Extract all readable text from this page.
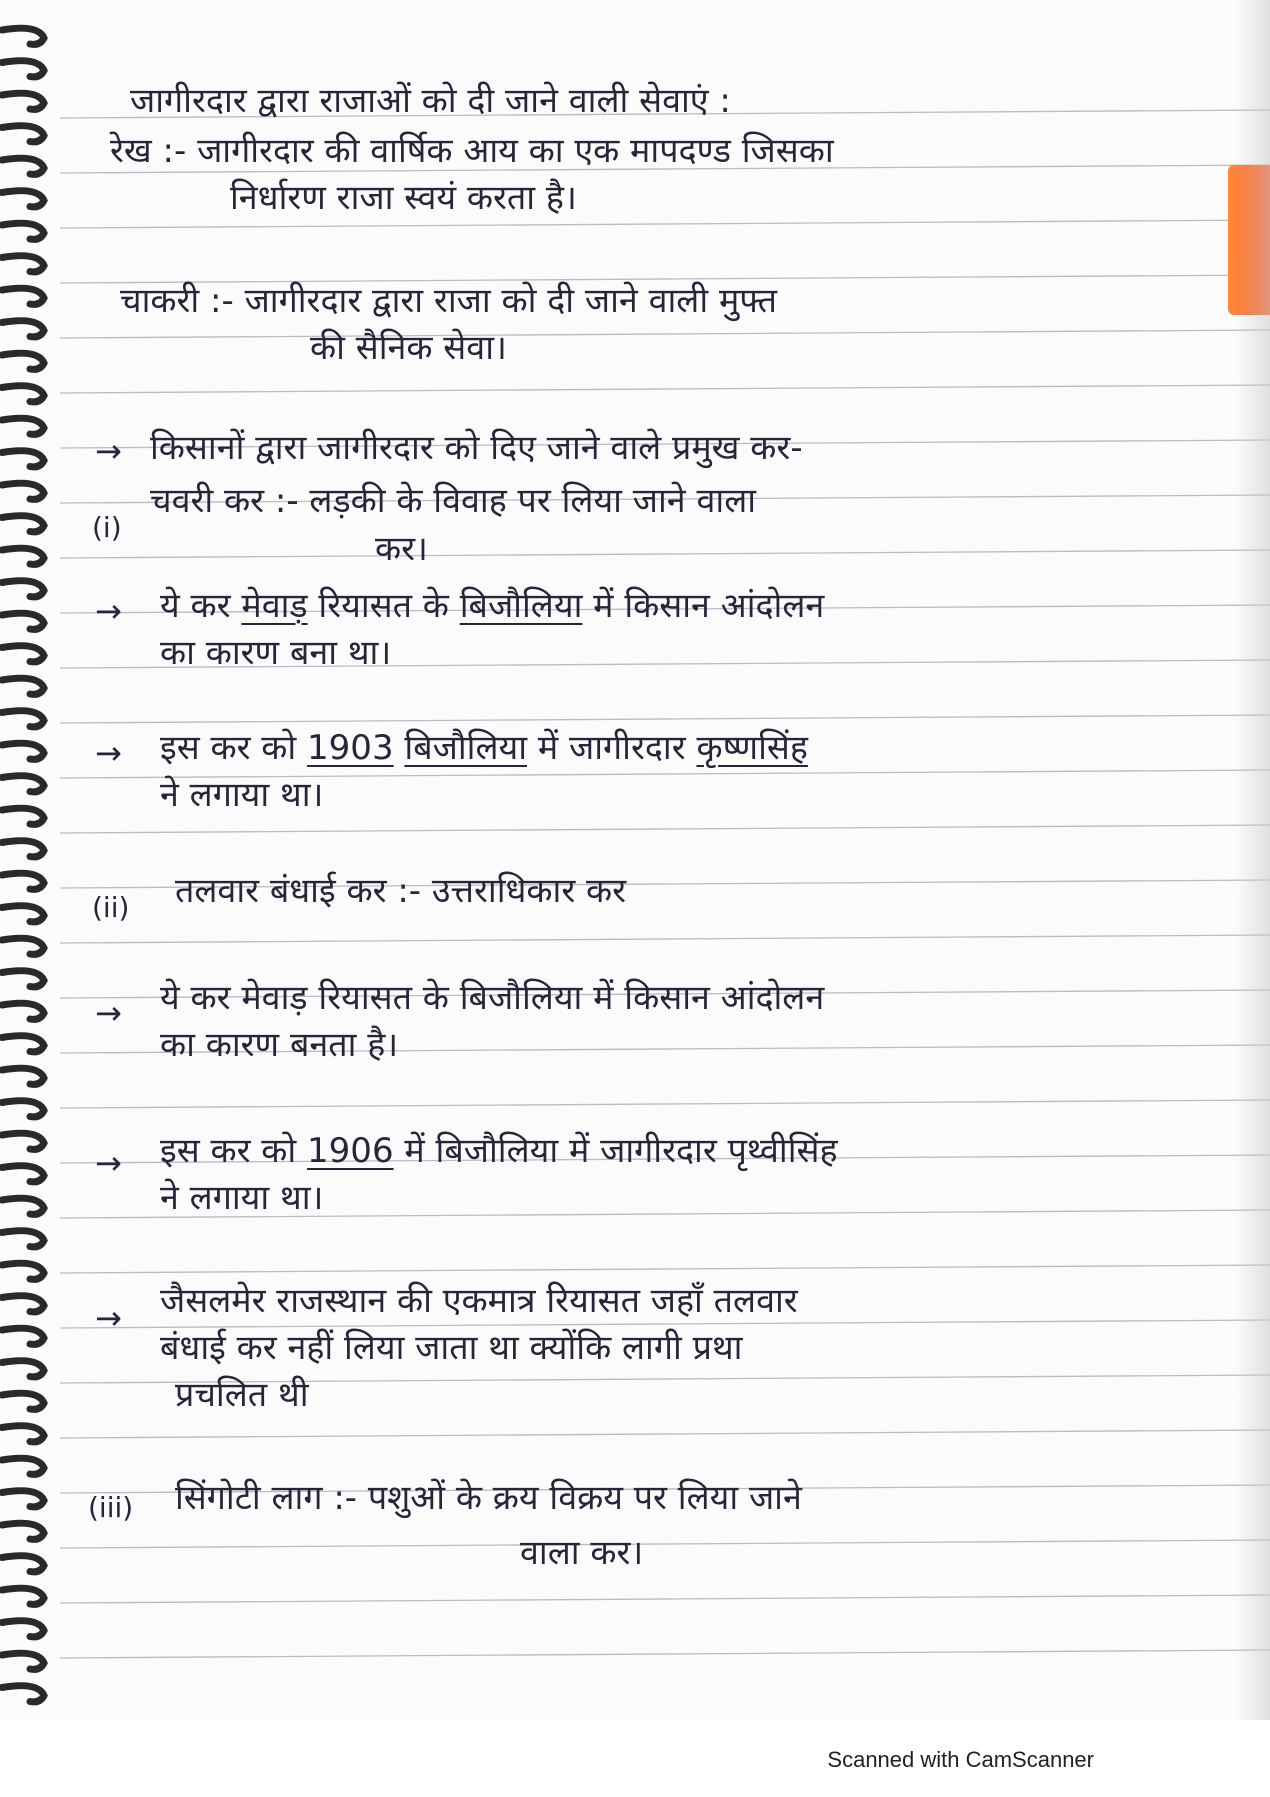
जागीरदार द्वारा राजाओं को दी जाने वाली सेवाएं :

रेख :- जागीरदार की वार्षिक आय का एक मापदण्ड जिसका

निर्धारण राजा स्वयं करता है।

चाकरी :- जागीरदार द्वारा राजा को दी जाने वाली मुफ्त

की सैनिक सेवा।

→ किसानों द्वारा जागीरदार को दिए जाने वाले प्रमुख कर-

(i)

चवरी कर :- लड़की के विवाह पर लिया जाने वाला

कर।

→ ये कर मेवाड़ रियासत के बिजौलिया में किसान आंदोलन

का कारण बना था।

→ इस कर को 1903 बिजौलिया में जागीरदार कृष्णसिंह

ने लगाया था।

(ii) तलवार बंधाई कर :- उत्तराधिकार कर

→ ये कर मेवाड़ रियासत के बिजौलिया में किसान आंदोलन

का कारण बनता है।

→ इस कर को 1906 में बिजौलिया में जागीरदार पृथ्वीसिंह

ने लगाया था।

→ जैसलमेर राजस्थान की एकमात्र रियासत जहाँ तलवार

बंधाई कर नहीं लिया जाता था क्योंकि लागी प्रथा

प्रचलित थी

(iii) सिंगोटी लाग :- पशुओं के क्रय विक्रय पर लिया जाने

वाला कर।

Scanned with CamScanner
